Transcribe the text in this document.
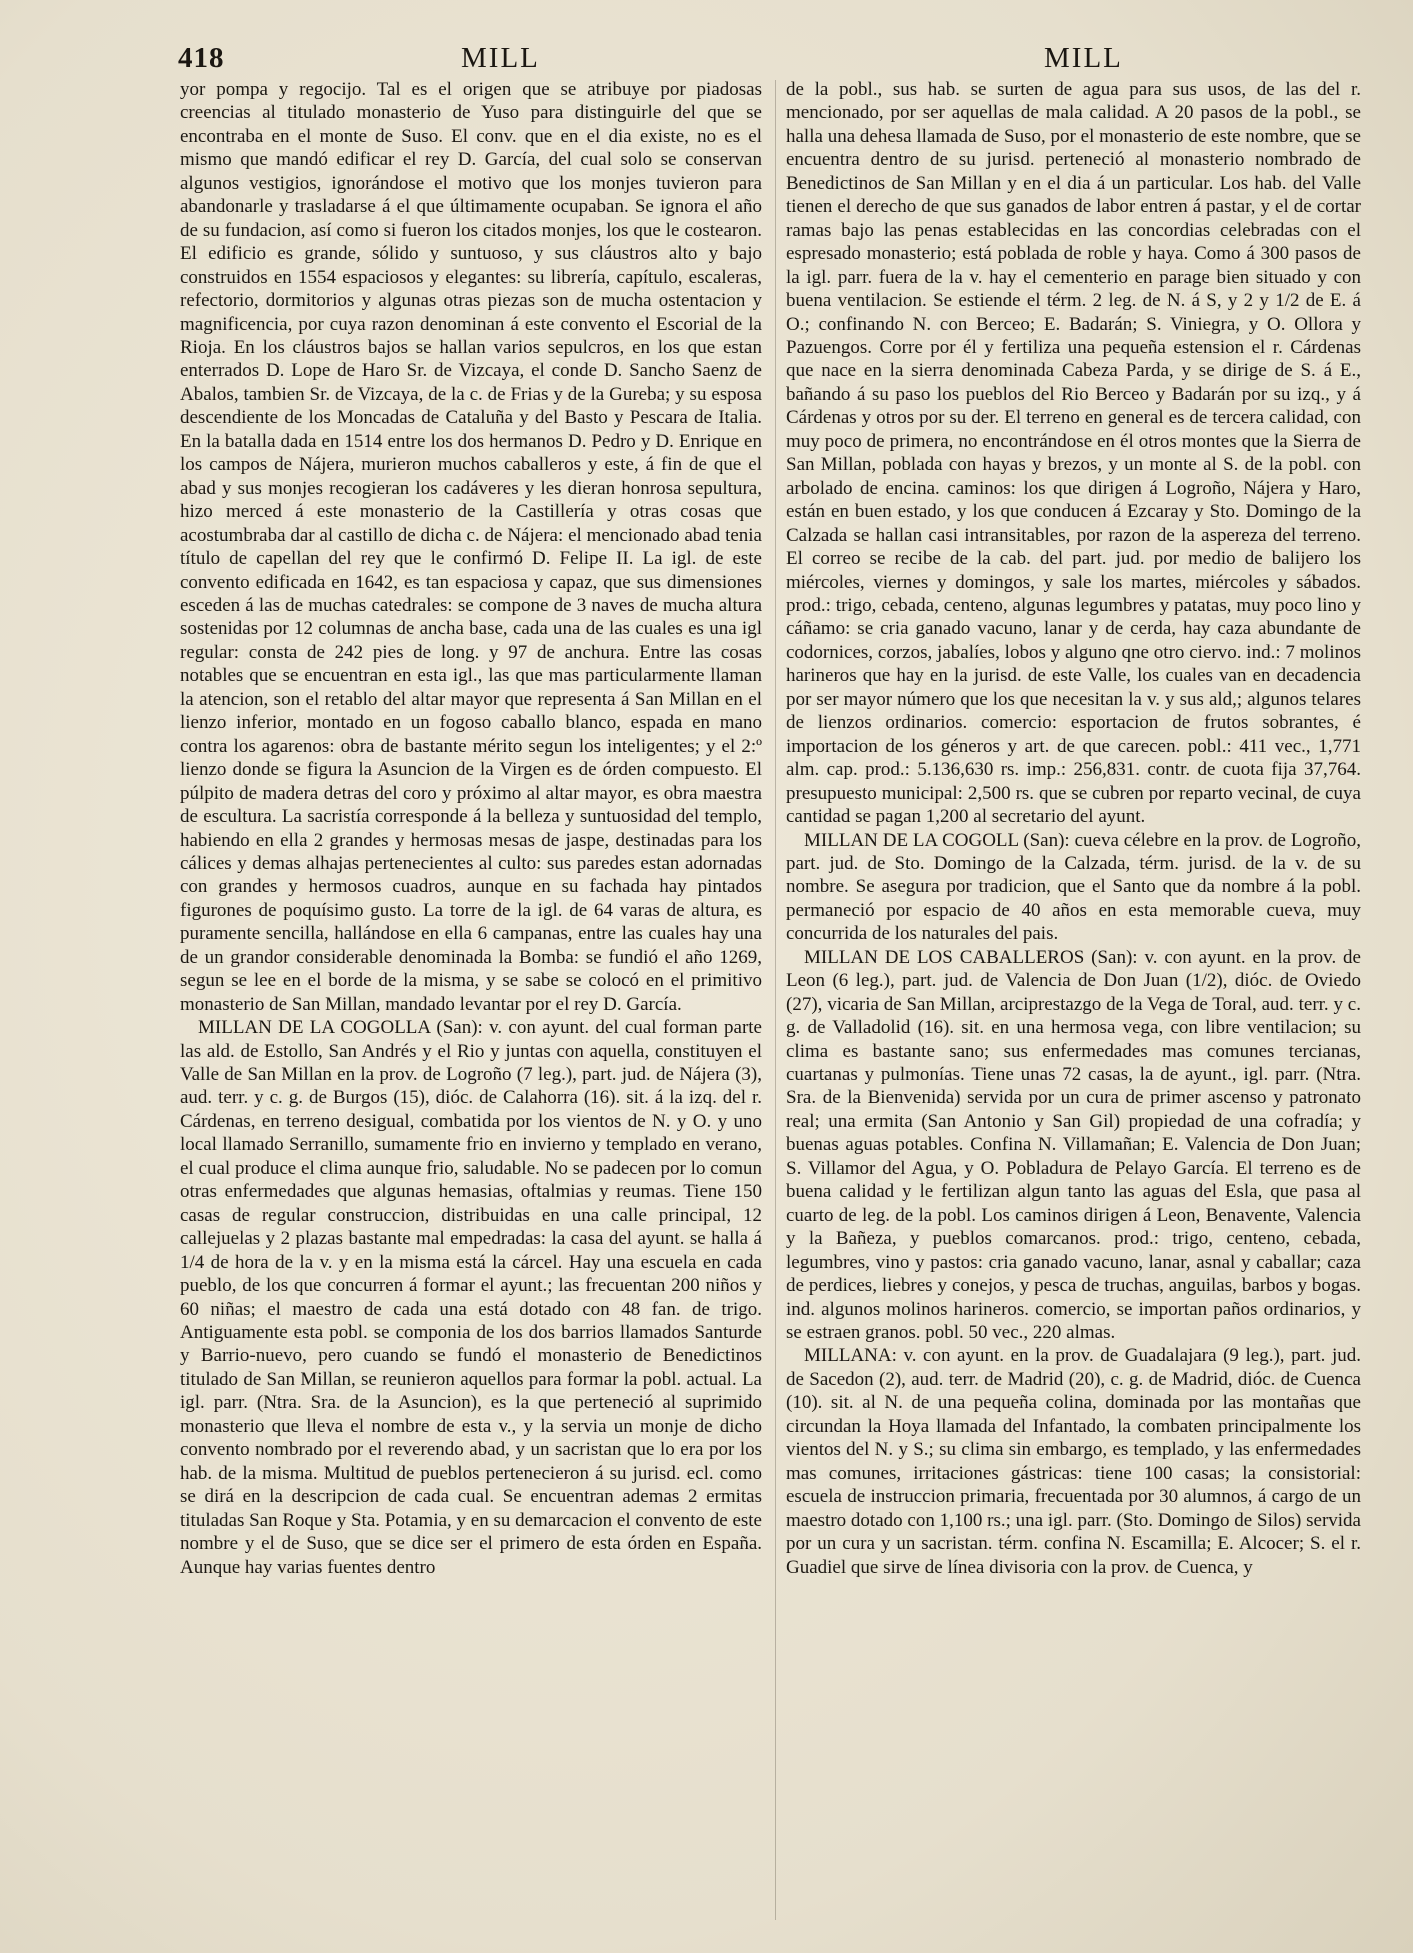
418	MILL	MILL

yor pompa y regocijo. Tal es el origen que se atribuye por piadosas creencias al titulado monasterio de Yuso para distinguirle del que se encontraba en el monte de Suso. El conv. que en el dia existe, no es el mismo que mandó edificar el rey D. García, del cual solo se conservan algunos vestigios, ignorándose el motivo que los monjes tuvieron para abandonarle y trasladarse á el que últimamente ocupaban. Se ignora el año de su fundacion, así como si fueron los citados monjes, los que le costearon. El edificio es grande, sólido y suntuoso, y sus cláustros alto y bajo construidos en 1554 espaciosos y elegantes: su librería, capítulo, escaleras, refectorio, dormitorios y algunas otras piezas son de mucha ostentacion y magnificencia, por cuya razon denominan á este convento el Escorial de la Rioja. En los cláustros bajos se hallan varios sepulcros, en los que estan enterrados D. Lope de Haro Sr. de Vizcaya, el conde D. Sancho Saenz de Abalos, tambien Sr. de Vizcaya, de la c. de Frias y de la Gureba; y su esposa descendiente de los Moncadas de Cataluña y del Basto y Pescara de Italia. En la batalla dada en 1514 entre los dos hermanos D. Pedro y D. Enrique en los campos de Nájera, murieron muchos caballeros y este, á fin de que el abad y sus monjes recogieran los cadáveres y les dieran honrosa sepultura, hizo merced á este monasterio de la Castillería y otras cosas que acostumbraba dar al castillo de dicha c. de Nájera: el mencionado abad tenia título de capellan del rey que le confirmó D. Felipe II. La igl. de este convento edificada en 1642, es tan espaciosa y capaz, que sus dimensiones esceden á las de muchas catedrales: se compone de 3 naves de mucha altura sostenidas por 12 columnas de ancha base, cada una de las cuales es una igl regular: consta de 242 pies de long. y 97 de anchura. Entre las cosas notables que se encuentran en esta igl., las que mas particularmente llaman la atencion, son el retablo del altar mayor que representa á San Millan en el lienzo inferior, montado en un fogoso caballo blanco, espada en mano contra los agarenos: obra de bastante mérito segun los inteligentes; y el 2:º lienzo donde se figura la Asuncion de la Virgen es de órden compuesto. El púlpito de madera detras del coro y próximo al altar mayor, es obra maestra de escultura. La sacristía corresponde á la belleza y suntuosidad del templo, habiendo en ella 2 grandes y hermosas mesas de jaspe, destinadas para los cálices y demas alhajas pertenecientes al culto: sus paredes estan adornadas con grandes y hermosos cuadros, aunque en su fachada hay pintados figurones de poquísimo gusto. La torre de la igl. de 64 varas de altura, es puramente sencilla, hallándose en ella 6 campanas, entre las cuales hay una de un grandor considerable denominada la Bomba: se fundió el año 1269, segun se lee en el borde de la misma, y se sabe se colocó en el primitivo monasterio de San Millan, mandado levantar por el rey D. García.

MILLAN DE LA COGOLLA (San): v. con ayunt. del cual forman parte las ald. de Estollo, San Andrés y el Rio y juntas con aquella, constituyen el Valle de San Millan en la prov. de Logroño (7 leg.), part. jud. de Nájera (3), aud. terr. y c. g. de Burgos (15), dióc. de Calahorra (16). sit. á la izq. del r. Cárdenas, en terreno desigual, combatida por los vientos de N. y O. y uno local llamado Serranillo, sumamente frio en invierno y templado en verano, el cual produce el clima aunque frio, saludable. No se padecen por lo comun otras enfermedades que algunas hemasias, oftalmias y reumas. Tiene 150 casas de regular construccion, distribuidas en una calle principal, 12 callejuelas y 2 plazas bastante mal empedradas: la casa del ayunt. se halla á 1/4 de hora de la v. y en la misma está la cárcel. Hay una escuela en cada pueblo, de los que concurren á formar el ayunt.; las frecuentan 200 niños y 60 niñas; el maestro de cada una está dotado con 48 fan. de trigo. Antiguamente esta pobl. se componia de los dos barrios llamados Santurde y Barrio-nuevo, pero cuando se fundó el monasterio de Benedictinos titulado de San Millan, se reunieron aquellos para formar la pobl. actual. La igl. parr. (Ntra. Sra. de la Asuncion), es la que perteneció al suprimido monasterio que lleva el nombre de esta v., y la servia un monje de dicho convento nombrado por el reverendo abad, y un sacristan que lo era por los hab. de la misma. Multitud de pueblos pertenecieron á su jurisd. ecl. como se dirá en la descripcion de cada cual. Se encuentran ademas 2 ermitas tituladas San Roque y Sta. Potamia, y en su demarcacion el convento de este nombre y el de Suso, que se dice ser el primero de esta órden en España. Aunque hay varias fuentes dentro

de la pobl., sus hab. se surten de agua para sus usos, de las del r. mencionado, por ser aquellas de mala calidad. A 20 pasos de la pobl., se halla una dehesa llamada de Suso, por el monasterio de este nombre, que se encuentra dentro de su jurisd. perteneció al monasterio nombrado de Benedictinos de San Millan y en el dia á un particular. Los hab. del Valle tienen el derecho de que sus ganados de labor entren á pastar, y el de cortar ramas bajo las penas establecidas en las concordias celebradas con el espresado monasterio; está poblada de roble y haya. Como á 300 pasos de la igl. parr. fuera de la v. hay el cementerio en parage bien situado y con buena ventilacion. Se estiende el térm. 2 leg. de N. á S, y 2 y 1/2 de E. á O.; confinando N. con Berceo; E. Badarán; S. Viniegra, y O. Ollora y Pazuengos. Corre por él y fertiliza una pequeña estension el r. Cárdenas que nace en la sierra denominada Cabeza Parda, y se dirige de S. á E., bañando á su paso los pueblos del Rio Berceo y Badarán por su izq., y á Cárdenas y otros por su der. El terreno en general es de tercera calidad, con muy poco de primera, no encontrándose en él otros montes que la Sierra de San Millan, poblada con hayas y brezos, y un monte al S. de la pobl. con arbolado de encina. caminos: los que dirigen á Logroño, Nájera y Haro, están en buen estado, y los que conducen á Ezcaray y Sto. Domingo de la Calzada se hallan casi intransitables, por razon de la aspereza del terreno. El correo se recibe de la cab. del part. jud. por medio de balijero los miércoles, viernes y domingos, y sale los martes, miércoles y sábados. prod.: trigo, cebada, centeno, algunas legumbres y patatas, muy poco lino y cáñamo: se cria ganado vacuno, lanar y de cerda, hay caza abundante de codornices, corzos, jabalíes, lobos y alguno qne otro ciervo. ind.: 7 molinos harineros que hay en la jurisd. de este Valle, los cuales van en decadencia por ser mayor número que los que necesitan la v. y sus ald,; algunos telares de lienzos ordinarios. comercio: esportacion de frutos sobrantes, é importacion de los géneros y art. de que carecen. pobl.: 411 vec., 1,771 alm. cap. prod.: 5.136,630 rs. imp.: 256,831. contr. de cuota fija 37,764. presupuesto municipal: 2,500 rs. que se cubren por reparto vecinal, de cuya cantidad se pagan 1,200 al secretario del ayunt.

MILLAN DE LA COGOLL (San): cueva célebre en la prov. de Logroño, part. jud. de Sto. Domingo de la Calzada, térm. jurisd. de la v. de su nombre. Se asegura por tradicion, que el Santo que da nombre á la pobl. permaneció por espacio de 40 años en esta memorable cueva, muy concurrida de los naturales del pais.

MILLAN DE LOS CABALLEROS (San): v. con ayunt. en la prov. de Leon (6 leg.), part. jud. de Valencia de Don Juan (1/2), dióc. de Oviedo (27), vicaria de San Millan, arciprestazgo de la Vega de Toral, aud. terr. y c. g. de Valladolid (16). sit. en una hermosa vega, con libre ventilacion; su clima es bastante sano; sus enfermedades mas comunes tercianas, cuartanas y pulmonías. Tiene unas 72 casas, la de ayunt., igl. parr. (Ntra. Sra. de la Bienvenida) servida por un cura de primer ascenso y patronato real; una ermita (San Antonio y San Gil) propiedad de una cofradía; y buenas aguas potables. Confina N. Villamañan; E. Valencia de Don Juan; S. Villamor del Agua, y O. Pobladura de Pelayo García. El terreno es de buena calidad y le fertilizan algun tanto las aguas del Esla, que pasa al cuarto de leg. de la pobl. Los caminos dirigen á Leon, Benavente, Valencia y la Bañeza, y pueblos comarcanos. prod.: trigo, centeno, cebada, legumbres, vino y pastos: cria ganado vacuno, lanar, asnal y caballar; caza de perdices, liebres y conejos, y pesca de truchas, anguilas, barbos y bogas. ind. algunos molinos harineros. comercio, se importan paños ordinarios, y se estraen granos. pobl. 50 vec., 220 almas.

MILLANA: v. con ayunt. en la prov. de Guadalajara (9 leg.), part. jud. de Sacedon (2), aud. terr. de Madrid (20), c. g. de Madrid, dióc. de Cuenca (10). sit. al N. de una pequeña colina, dominada por las montañas que circundan la Hoya llamada del Infantado, la combaten principalmente los vientos del N. y S.; su clima sin embargo, es templado, y las enfermedades mas comunes, irritaciones gástricas: tiene 100 casas; la consistorial: escuela de instruccion primaria, frecuentada por 30 alumnos, á cargo de un maestro dotado con 1,100 rs.; una igl. parr. (Sto. Domingo de Silos) servida por un cura y un sacristan. térm. confina N. Escamilla; E. Alcocer; S. el r. Guadiel que sirve de línea divisoria con la prov. de Cuenca, y
